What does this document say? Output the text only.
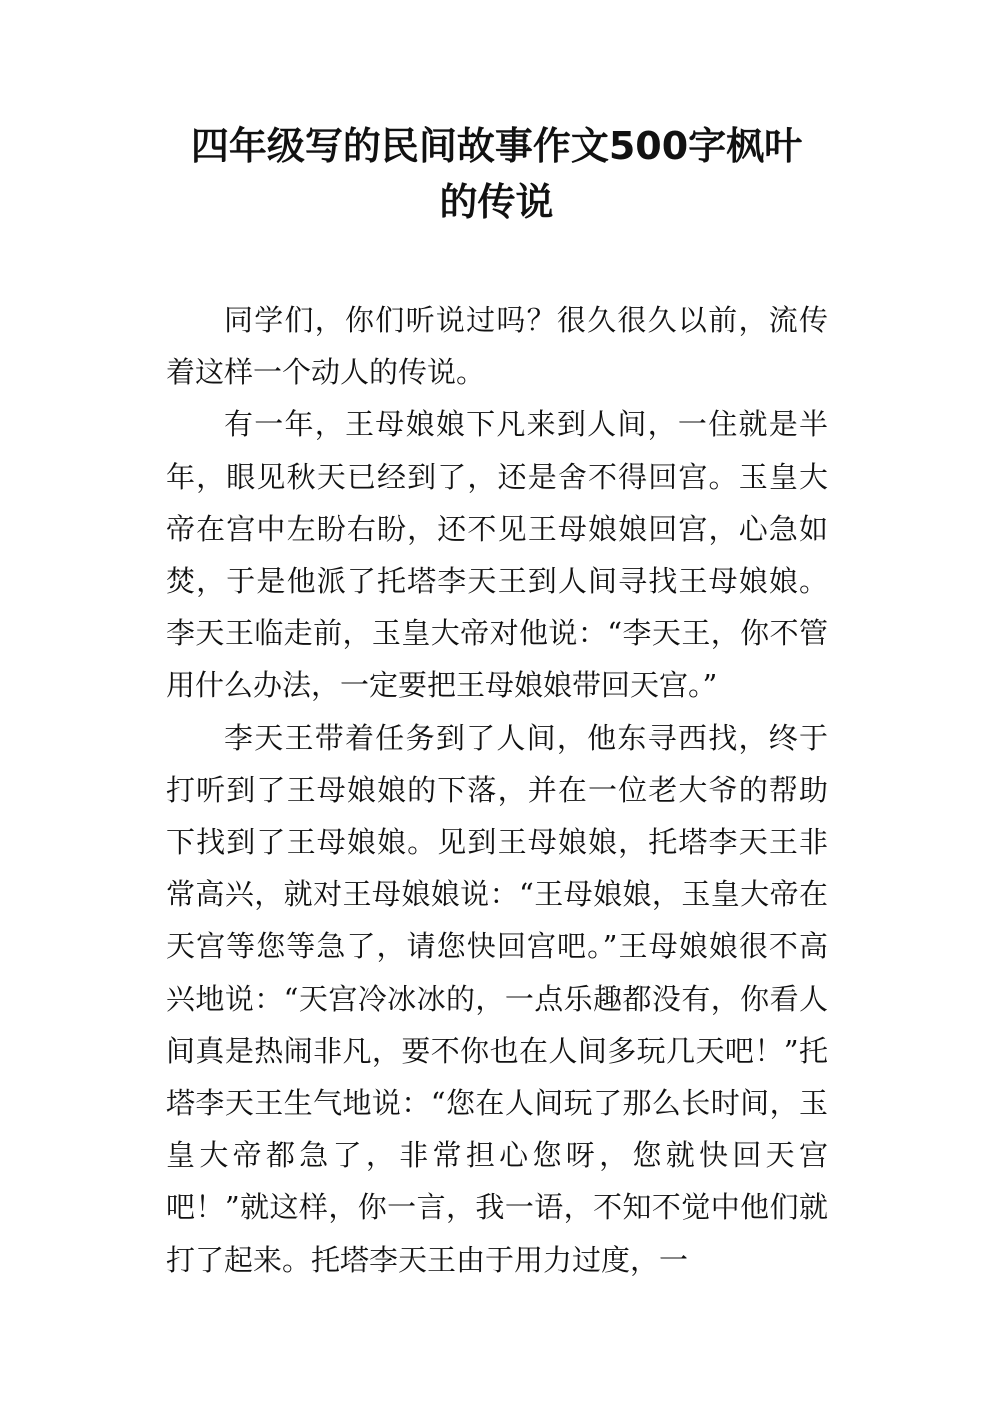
四年级写的民间故事作文500字枫叶
的传说

同学们，你们听说过吗？很久很久以前，流传着这样一个动人的传说。

有一年，王母娘娘下凡来到人间，一住就是半年，眼见秋天已经到了，还是舍不得回宫。玉皇大帝在宫中左盼右盼，还不见王母娘娘回宫，心急如焚，于是他派了托塔李天王到人间寻找王母娘娘。李天王临走前，玉皇大帝对他说：“李天王，你不管用什么办法，一定要把王母娘娘带回天宫。”

李天王带着任务到了人间，他东寻西找，终于打听到了王母娘娘的下落，并在一位老大爷的帮助下找到了王母娘娘。见到王母娘娘，托塔李天王非常高兴，就对王母娘娘说：“王母娘娘，玉皇大帝在天宫等您等急了，请您快回宫吧。”王母娘娘很不高兴地说：“天宫冷冰冰的，一点乐趣都没有，你看人间真是热闹非凡，要不你也在人间多玩几天吧！”托塔李天王生气地说：“您在人间玩了那么长时间，玉皇大帝都急了，非常担心您呀，您就快回天宫吧！”就这样，你一言，我一语，不知不觉中他们就打了起来。托塔李天王由于用力过度，一
